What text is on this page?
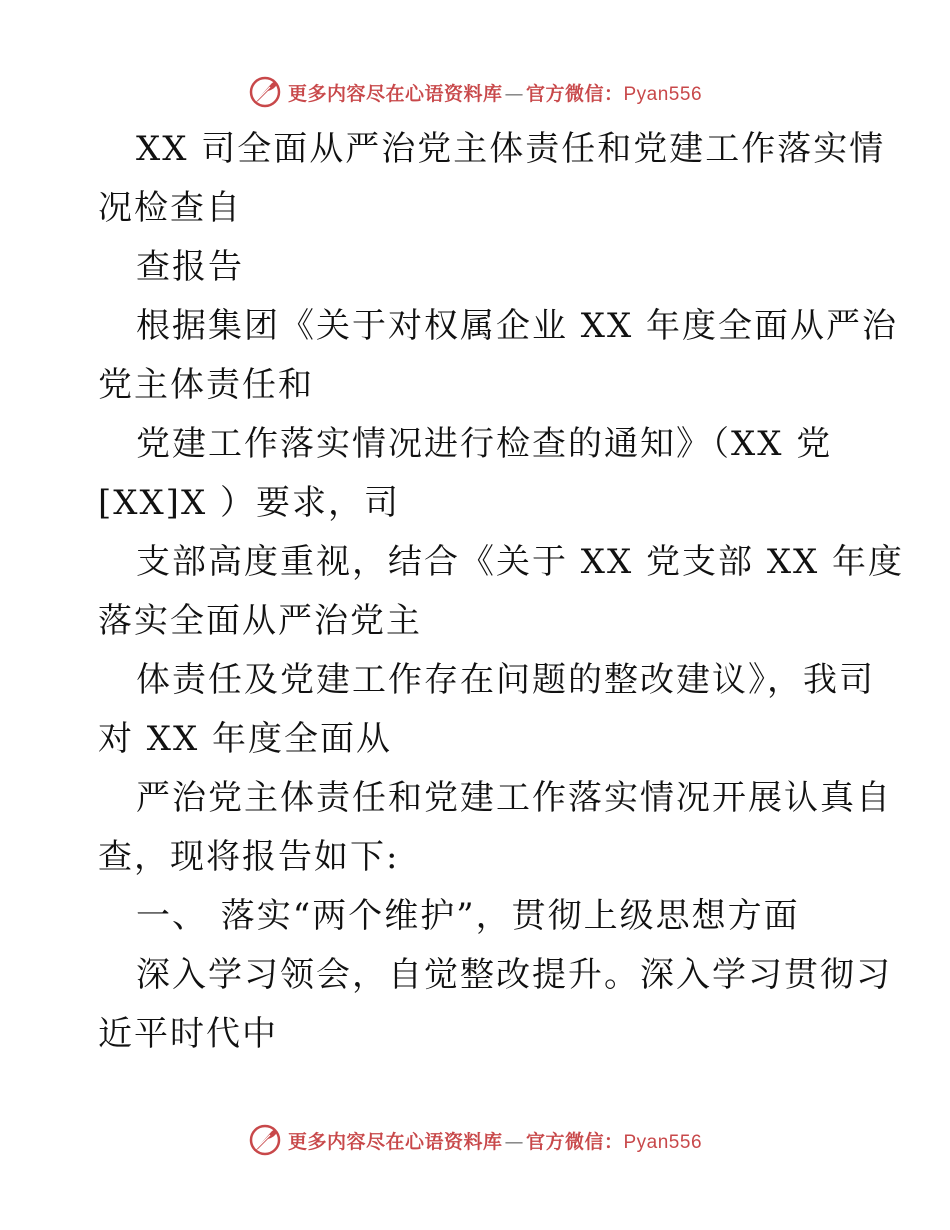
更多内容尽在心语资料库 — 官方微信：Pyan556
XX 司全面从严治党主体责任和党建工作落实情
况检查自
查报告
根据集团《关于对权属企业 XX 年度全面从严治
党主体责任和
党建工作落实情况进行检查的通知》（XX 党
[XX]X ）要求，司
支部高度重视，结合《关于 XX 党支部 XX 年度
落实全面从严治党主
体责任及党建工作存在问题的整改建议》，我司
对 XX 年度全面从
严治党主体责任和党建工作落实情况开展认真自
查，现将报告如下:
一、 落实“两个维护”，贯彻上级思想方面
深入学习领会，自觉整改提升。深入学习贯彻习
近平时代中
更多内容尽在心语资料库 — 官方微信：Pyan556
